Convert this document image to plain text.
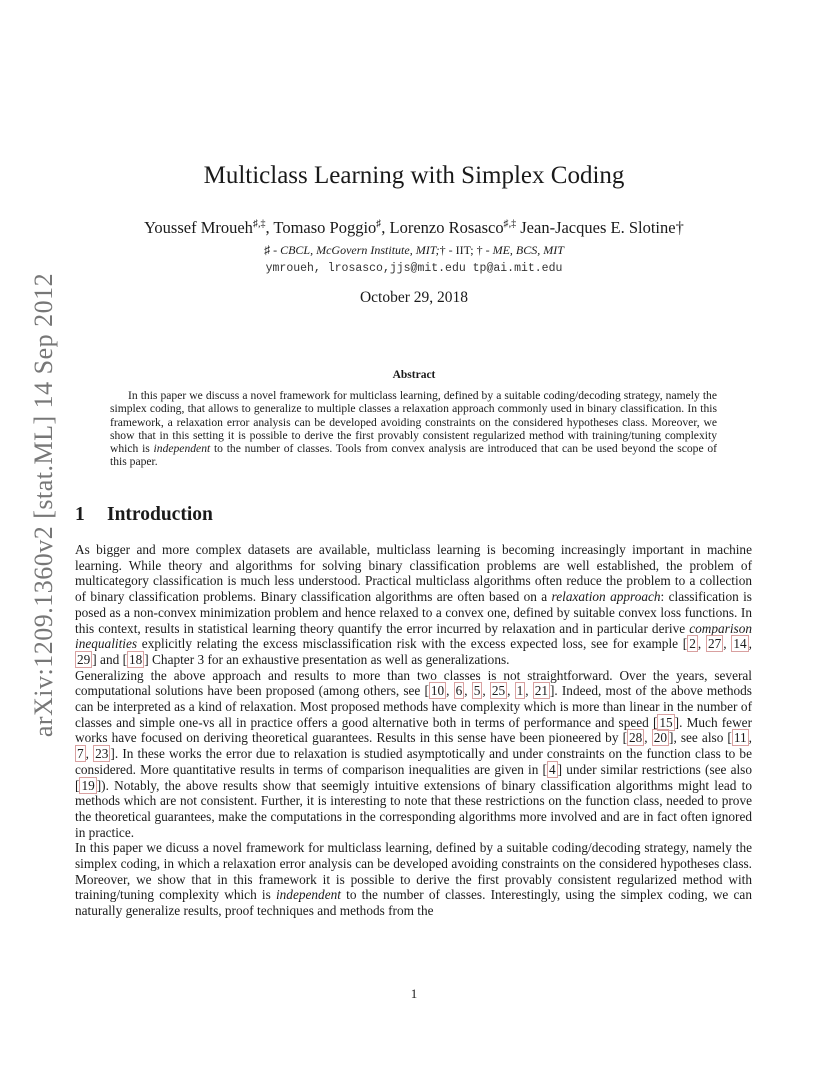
arXiv:1209.1360v2 [stat.ML] 14 Sep 2012
Multiclass Learning with Simplex Coding
Youssef Mroueh♯,‡, Tomaso Poggio♯, Lorenzo Rosasco♯,‡ Jean-Jacques E. Slotine†
♯ - CBCL, McGovern Institute, MIT;† - IIT; † - ME, BCS, MIT
ymroueh, lrosasco,jjs@mit.edu tp@ai.mit.edu
October 29, 2018
Abstract
In this paper we discuss a novel framework for multiclass learning, defined by a suitable coding/decoding strategy, namely the simplex coding, that allows to generalize to multiple classes a relaxation approach commonly used in binary classification. In this framework, a relaxation error analysis can be developed avoiding constraints on the considered hypotheses class. Moreover, we show that in this setting it is possible to derive the first provably consistent regularized method with training/tuning complexity which is independent to the number of classes. Tools from convex analysis are introduced that can be used beyond the scope of this paper.
1 Introduction

As bigger and more complex datasets are available, multiclass learning is becoming increasingly important in machine learning. While theory and algorithms for solving binary classification problems are well established, the problem of multicategory classification is much less understood. Practical multiclass algorithms often reduce the problem to a collection of binary classification problems. Binary classification algorithms are often based on a relaxation approach: classification is posed as a non-convex minimization problem and hence relaxed to a convex one, defined by suitable convex loss functions. In this context, results in statistical learning theory quantify the error incurred by relaxation and in particular derive comparison inequalities explicitly relating the excess misclassification risk with the excess expected loss, see for example [ 2 , 27 , 14 , 29 ] and [ 18 ] Chapter 3 for an exhaustive presentation as well as generalizations.

Generalizing the above approach and results to more than two classes is not straightforward. Over the years, several computational solutions have been proposed (among others, see [ 10 , 6 , 5 , 25 , 1 , 21 ]. Indeed, most of the above methods can be interpreted as a kind of relaxation. Most proposed methods have complexity which is more than linear in the number of classes and simple one-vs all in practice offers a good alternative both in terms of performance and speed [ 15 ]. Much fewer works have focused on deriving theoretical guarantees. Results in this sense have been pioneered by [ 28 , 20 ], see also [ 11 , 7 , 23 ]. In these works the error due to relaxation is studied asymptotically and under constraints on the function class to be considered. More quantitative results in terms of comparison inequalities are given in [ 4 ] under similar restrictions (see also [ 19 ]). Notably, the above results show that seemigly intuitive extensions of binary classification algorithms might lead to methods which are not consistent. Further, it is interesting to note that these restrictions on the function class, needed to prove the theoretical guarantees, make the computations in the corresponding algorithms more involved and are in fact often ignored in practice.

In this paper we dicuss a novel framework for multiclass learning, defined by a suitable coding/decoding strategy, namely the simplex coding, in which a relaxation error analysis can be developed avoiding constraints on the considered hypotheses class. Moreover, we show that in this framework it is possible to derive the first provably consistent regularized method with training/tuning complexity which is independent to the number of classes. Interestingly, using the simplex coding, we can naturally generalize results, proof techniques and methods from the

1
